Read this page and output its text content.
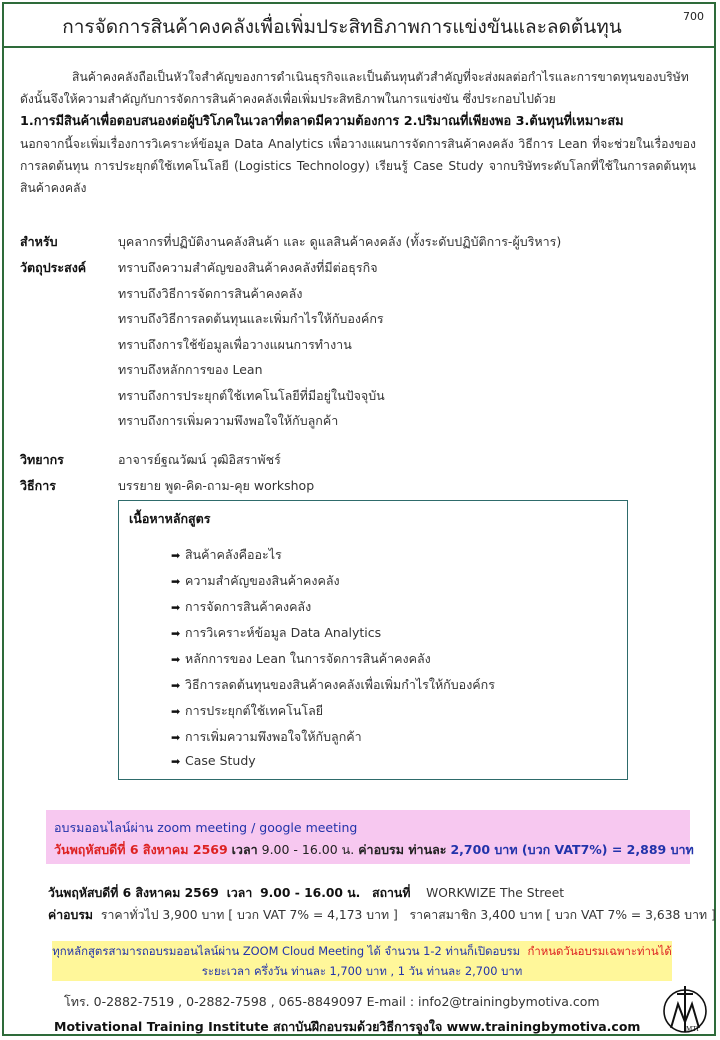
การจัดการสินค้าคงคลังเพื่อเพิ่มประสิทธิภาพการแข่งขันและลดต้นทุน	700
สินค้าคงคลังถือเป็นหัวใจสำคัญของการดำเนินธุรกิจและเป็นต้นทุนตัวสำคัญที่จะส่งผลต่อกำไรและการขาดทุนของบริษัท ดังนั้นจึงให้ความสำคัญกับการจัดการสินค้าคงคลังเพื่อเพิ่มประสิทธิภาพในการแข่งขัน ซึ่งประกอบไปด้วย
1.การมีสินค้าเพื่อตอบสนองต่อผู้บริโภคในเวลาที่ตลาดมีความต้องการ 2.ปริมาณที่เพียงพอ 3.ต้นทุนที่เหมาะสม
นอกจากนี้จะเพิ่มเรื่องการวิเคราะห์ข้อมูล Data Analytics เพื่อวางแผนการจัดการสินค้าคงคลัง วิธีการ Lean ที่จะช่วยในเรื่องของการลดต้นทุน การประยุกต์ใช้เทคโนโลยี (Logistics Technology) เรียนรู้ Case Study จากบริษัทระดับโลกที่ใช้ในการลดต้นทุนสินค้าคงคลัง
สำหรับ	บุคลากรที่ปฏิบัติงานคลังสินค้า และ ดูแลสินค้าคงคลัง (ทั้งระดับปฏิบัติการ-ผู้บริหาร)
วัตถุประสงค์	ทราบถึงความสำคัญของสินค้าคงคลังที่มีต่อธุรกิจ
ทราบถึงวิธีการจัดการสินค้าคงคลัง
ทราบถึงวิธีการลดต้นทุนและเพิ่มกำไรให้กับองค์กร
ทราบถึงการใช้ข้อมูลเพื่อวางแผนการทำงาน
ทราบถึงหลักการของ Lean
ทราบถึงการประยุกต์ใช้เทคโนโลยีที่มีอยู่ในปัจจุบัน
ทราบถึงการเพิ่มความพึงพอใจให้กับลูกค้า
วิทยากร	อาจารย์ฐณวัฒน์ วุฒิอิสราพัชร์
วิธีการ	บรรยาย พูด-คิด-ถาม-คุย workshop
เนื้อหาหลักสูตร
➡ สินค้าคลังคืออะไร
➡ ความสำคัญของสินค้าคงคลัง
➡ การจัดการสินค้าคงคลัง
➡ การวิเคราะห์ข้อมูล Data Analytics
➡ หลักการของ Lean ในการจัดการสินค้าคงคลัง
➡ วิธีการลดต้นทุนของสินค้าคงคลังเพื่อเพิ่มกำไรให้กับองค์กร
➡ การประยุกต์ใช้เทคโนโลยี
➡ การเพิ่มความพึงพอใจให้กับลูกค้า
➡ Case Study
อบรมออนไลน์ผ่าน zoom meeting / google meeting
วันพฤหัสบดีที่ 6 สิงหาคม 2569 เวลา 9.00 - 16.00 น. ค่าอบรม ท่านละ 2,700 บาท (บวก VAT7%) = 2,889 บาท
วันพฤหัสบดีที่ 6 สิงหาคม 2569 เวลา 9.00 - 16.00 น. สถานที่ WORKWIZE The Street
ค่าอบรม ราคาทั่วไป 3,900 บาท [ บวก VAT 7% = 4,173 บาท ] ราคาสมาชิก 3,400 บาท [ บวก VAT 7% = 3,638 บาท ]
ทุกหลักสูตรสามารถอบรมออนไลน์ผ่าน ZOOM Cloud Meeting ได้ จำนวน 1-2 ท่านก็เปิดอบรม กำหนดวันอบรมเฉพาะท่านได้
ระยะเวลา ครึ่งวัน ท่านละ 1,700 บาท , 1 วัน ท่านละ 2,700 บาท
โทร. 0-2882-7519 , 0-2882-7598 , 065-8849097 E-mail : info2@trainingbymotiva.com
Motivational Training Institute สถาบันฝึกอบรมด้วยวิธีการจูงใจ www.trainingbymotiva.com	MTI
